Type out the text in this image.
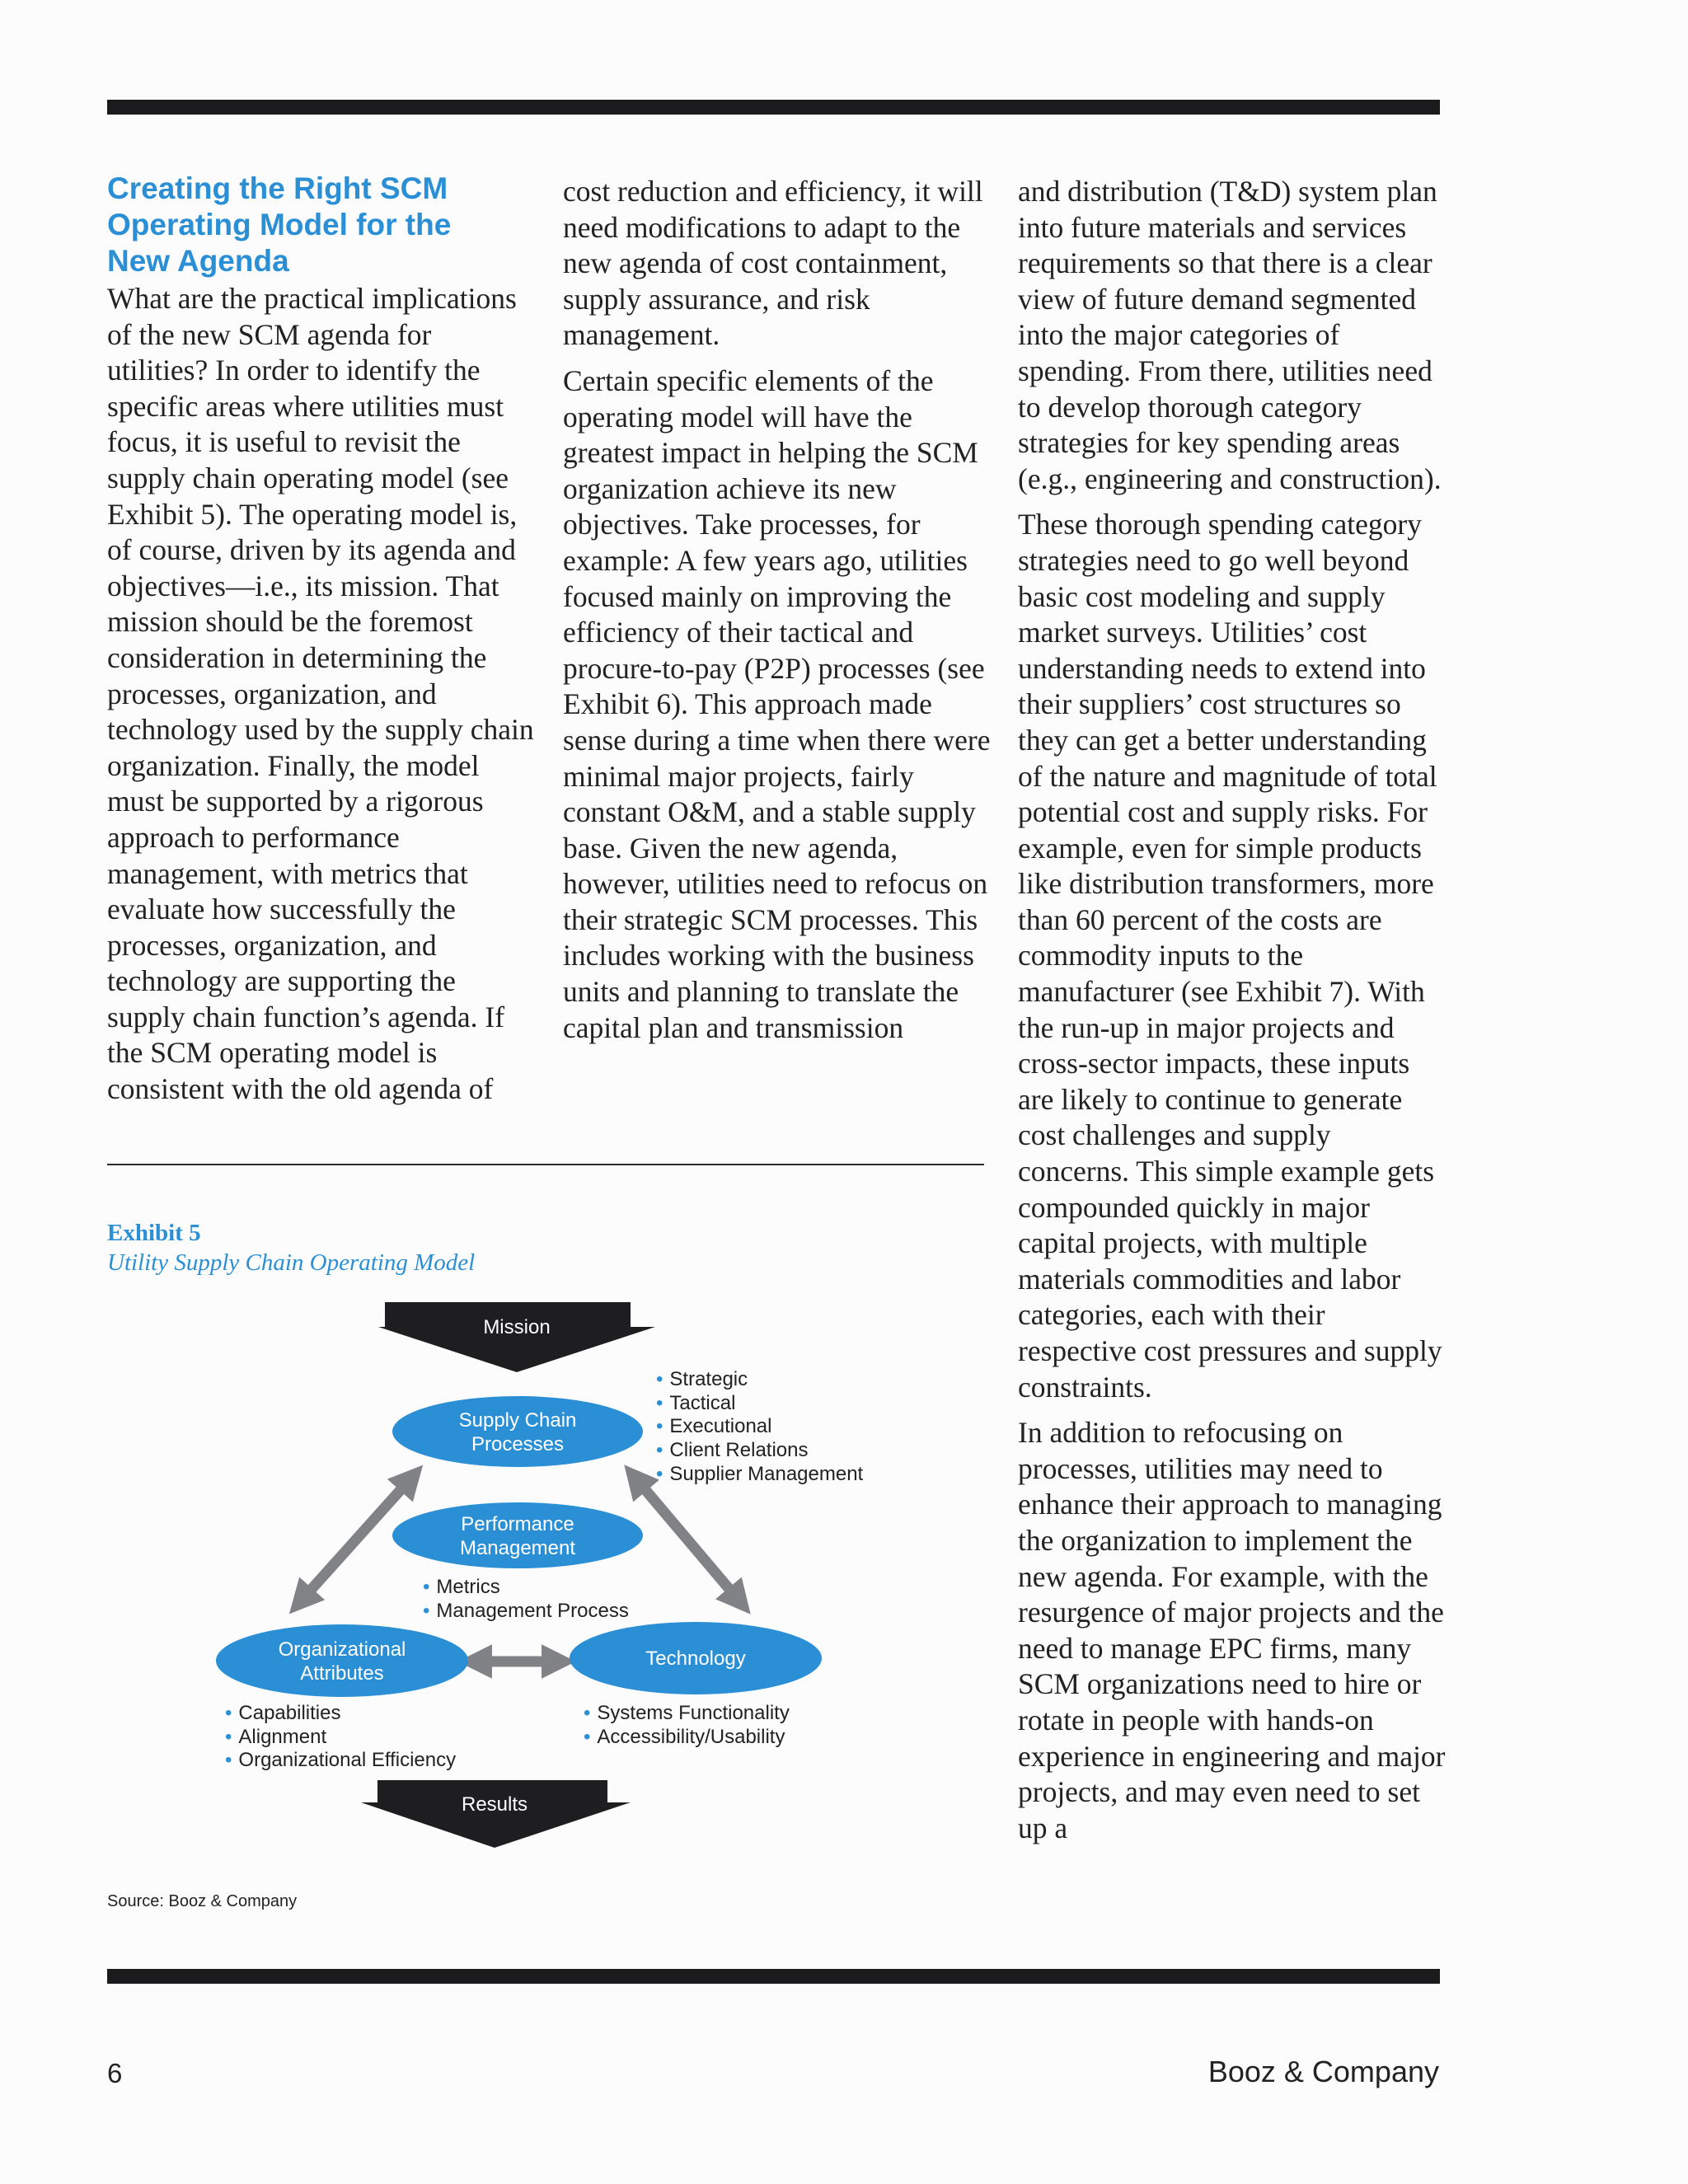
Creating the Right SCM
Operating Model for the
New Agenda

What are the practical implications of the new SCM agenda for utilities? In order to identify the specific areas where utilities must focus, it is useful to revisit the supply chain operating model (see Exhibit 5). The operating model is, of course, driven by its agenda and objectives—i.e., its mission. That mission should be the foremost consideration in determining the processes, organization, and technology used by the supply chain organization. Finally, the model must be supported by a rigorous approach to performance management, with metrics that evaluate how successfully the processes, organization, and technology are supporting the supply chain function’s agenda. If the SCM operating model is consistent with the old agenda of

cost reduction and efficiency, it will need modifications to adapt to the new agenda of cost containment, supply assurance, and risk management.

Certain specific elements of the operating model will have the greatest impact in helping the SCM organization achieve its new objectives. Take processes, for example: A few years ago, utilities focused mainly on improving the efficiency of their tactical and procure-to-pay (P2P) processes (see Exhibit 6). This approach made sense during a time when there were minimal major projects, fairly constant O&M, and a stable supply base. Given the new agenda, however, utilities need to refocus on their strategic SCM processes. This includes working with the business units and planning to translate the capital plan and transmission

and distribution (T&D) system plan into future materials and services requirements so that there is a clear view of future demand segmented into the major categories of spending. From there, utilities need to develop thorough category strategies for key spending areas (e.g., engineering and construction).

These thorough spending category strategies need to go well beyond basic cost modeling and supply market surveys. Utilities’ cost understanding needs to extend into their suppliers’ cost structures so they can get a better understanding of the nature and magnitude of total potential cost and supply risks. For example, even for simple products like distribution transformers, more than 60 percent of the costs are commodity inputs to the manufacturer (see Exhibit 7). With the run-up in major projects and cross-sector impacts, these inputs are likely to continue to generate cost challenges and supply concerns. This simple example gets compounded quickly in major capital projects, with multiple materials commodities and labor categories, each with their respective cost pressures and supply constraints.

In addition to refocusing on processes, utilities may need to enhance their approach to managing the organization to implement the new agenda. For example, with the resurgence of major projects and the need to manage EPC firms, many SCM organizations need to hire or rotate in people with hands-on experience in engineering and major projects, and may even need to set up a

Exhibit 5
Utility Supply Chain Operating Model
Mission
Supply Chain
Processes
• Strategic • Tactical • Executional • Client Relations • Supplier Management
Performance
Management
• Metrics • Management Process
Organizational
Attributes
• Capabilities • Alignment • Organizational Efficiency
Technology
• Systems Functionality • Accessibility/Usability
Results
Source: Booz & Company
6	Booz & Company
